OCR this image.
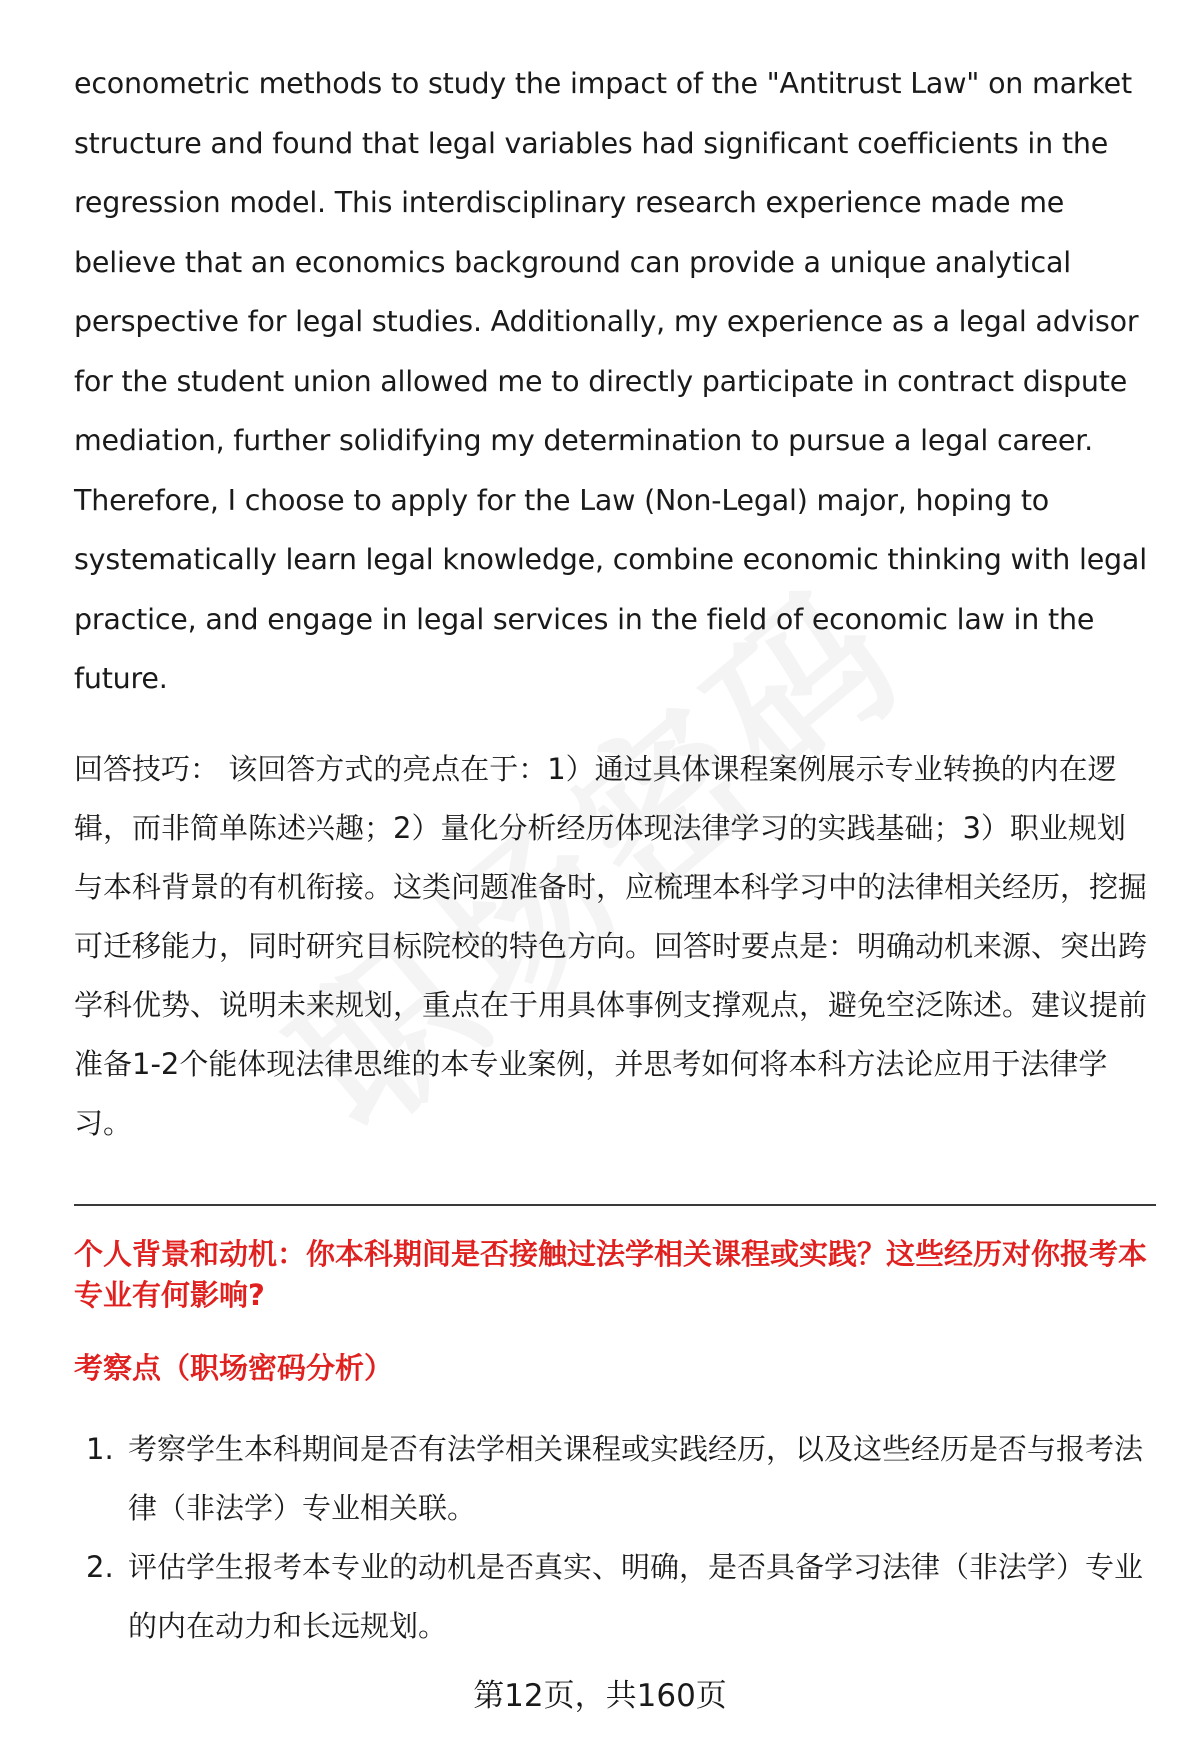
econometric methods to study the impact of the "Antitrust Law" on market structure and found that legal variables had significant coefficients in the regression model. This interdisciplinary research experience made me believe that an economics background can provide a unique analytical perspective for legal studies. Additionally, my experience as a legal advisor for the student union allowed me to directly participate in contract dispute mediation, further solidifying my determination to pursue a legal career. Therefore, I choose to apply for the Law (Non-Legal) major, hoping to systematically learn legal knowledge, combine economic thinking with legal practice, and engage in legal services in the field of economic law in the future.
回答技巧： 该回答方式的亮点在于：1）通过具体课程案例展示专业转换的内在逻辑，而非简单陈述兴趣；2）量化分析经历体现法律学习的实践基础；3）职业规划与本科背景的有机衔接。这类问题准备时，应梳理本科学习中的法律相关经历，挖掘可迁移能力，同时研究目标院校的特色方向。回答时要点是：明确动机来源、突出跨学科优势、说明未来规划，重点在于用具体事例支撑观点，避免空泛陈述。建议提前准备1-2个能体现法律思维的本专业案例，并思考如何将本科方法论应用于法律学习。
个人背景和动机：你本科期间是否接触过法学相关课程或实践？这些经历对你报考本专业有何影响?
考察点（职场密码分析）
1. 考察学生本科期间是否有法学相关课程或实践经历，以及这些经历是否与报考法律（非法学）专业相关联。
2. 评估学生报考本专业的动机是否真实、明确，是否具备学习法律（非法学）专业的内在动力和长远规划。
第12页，共160页
